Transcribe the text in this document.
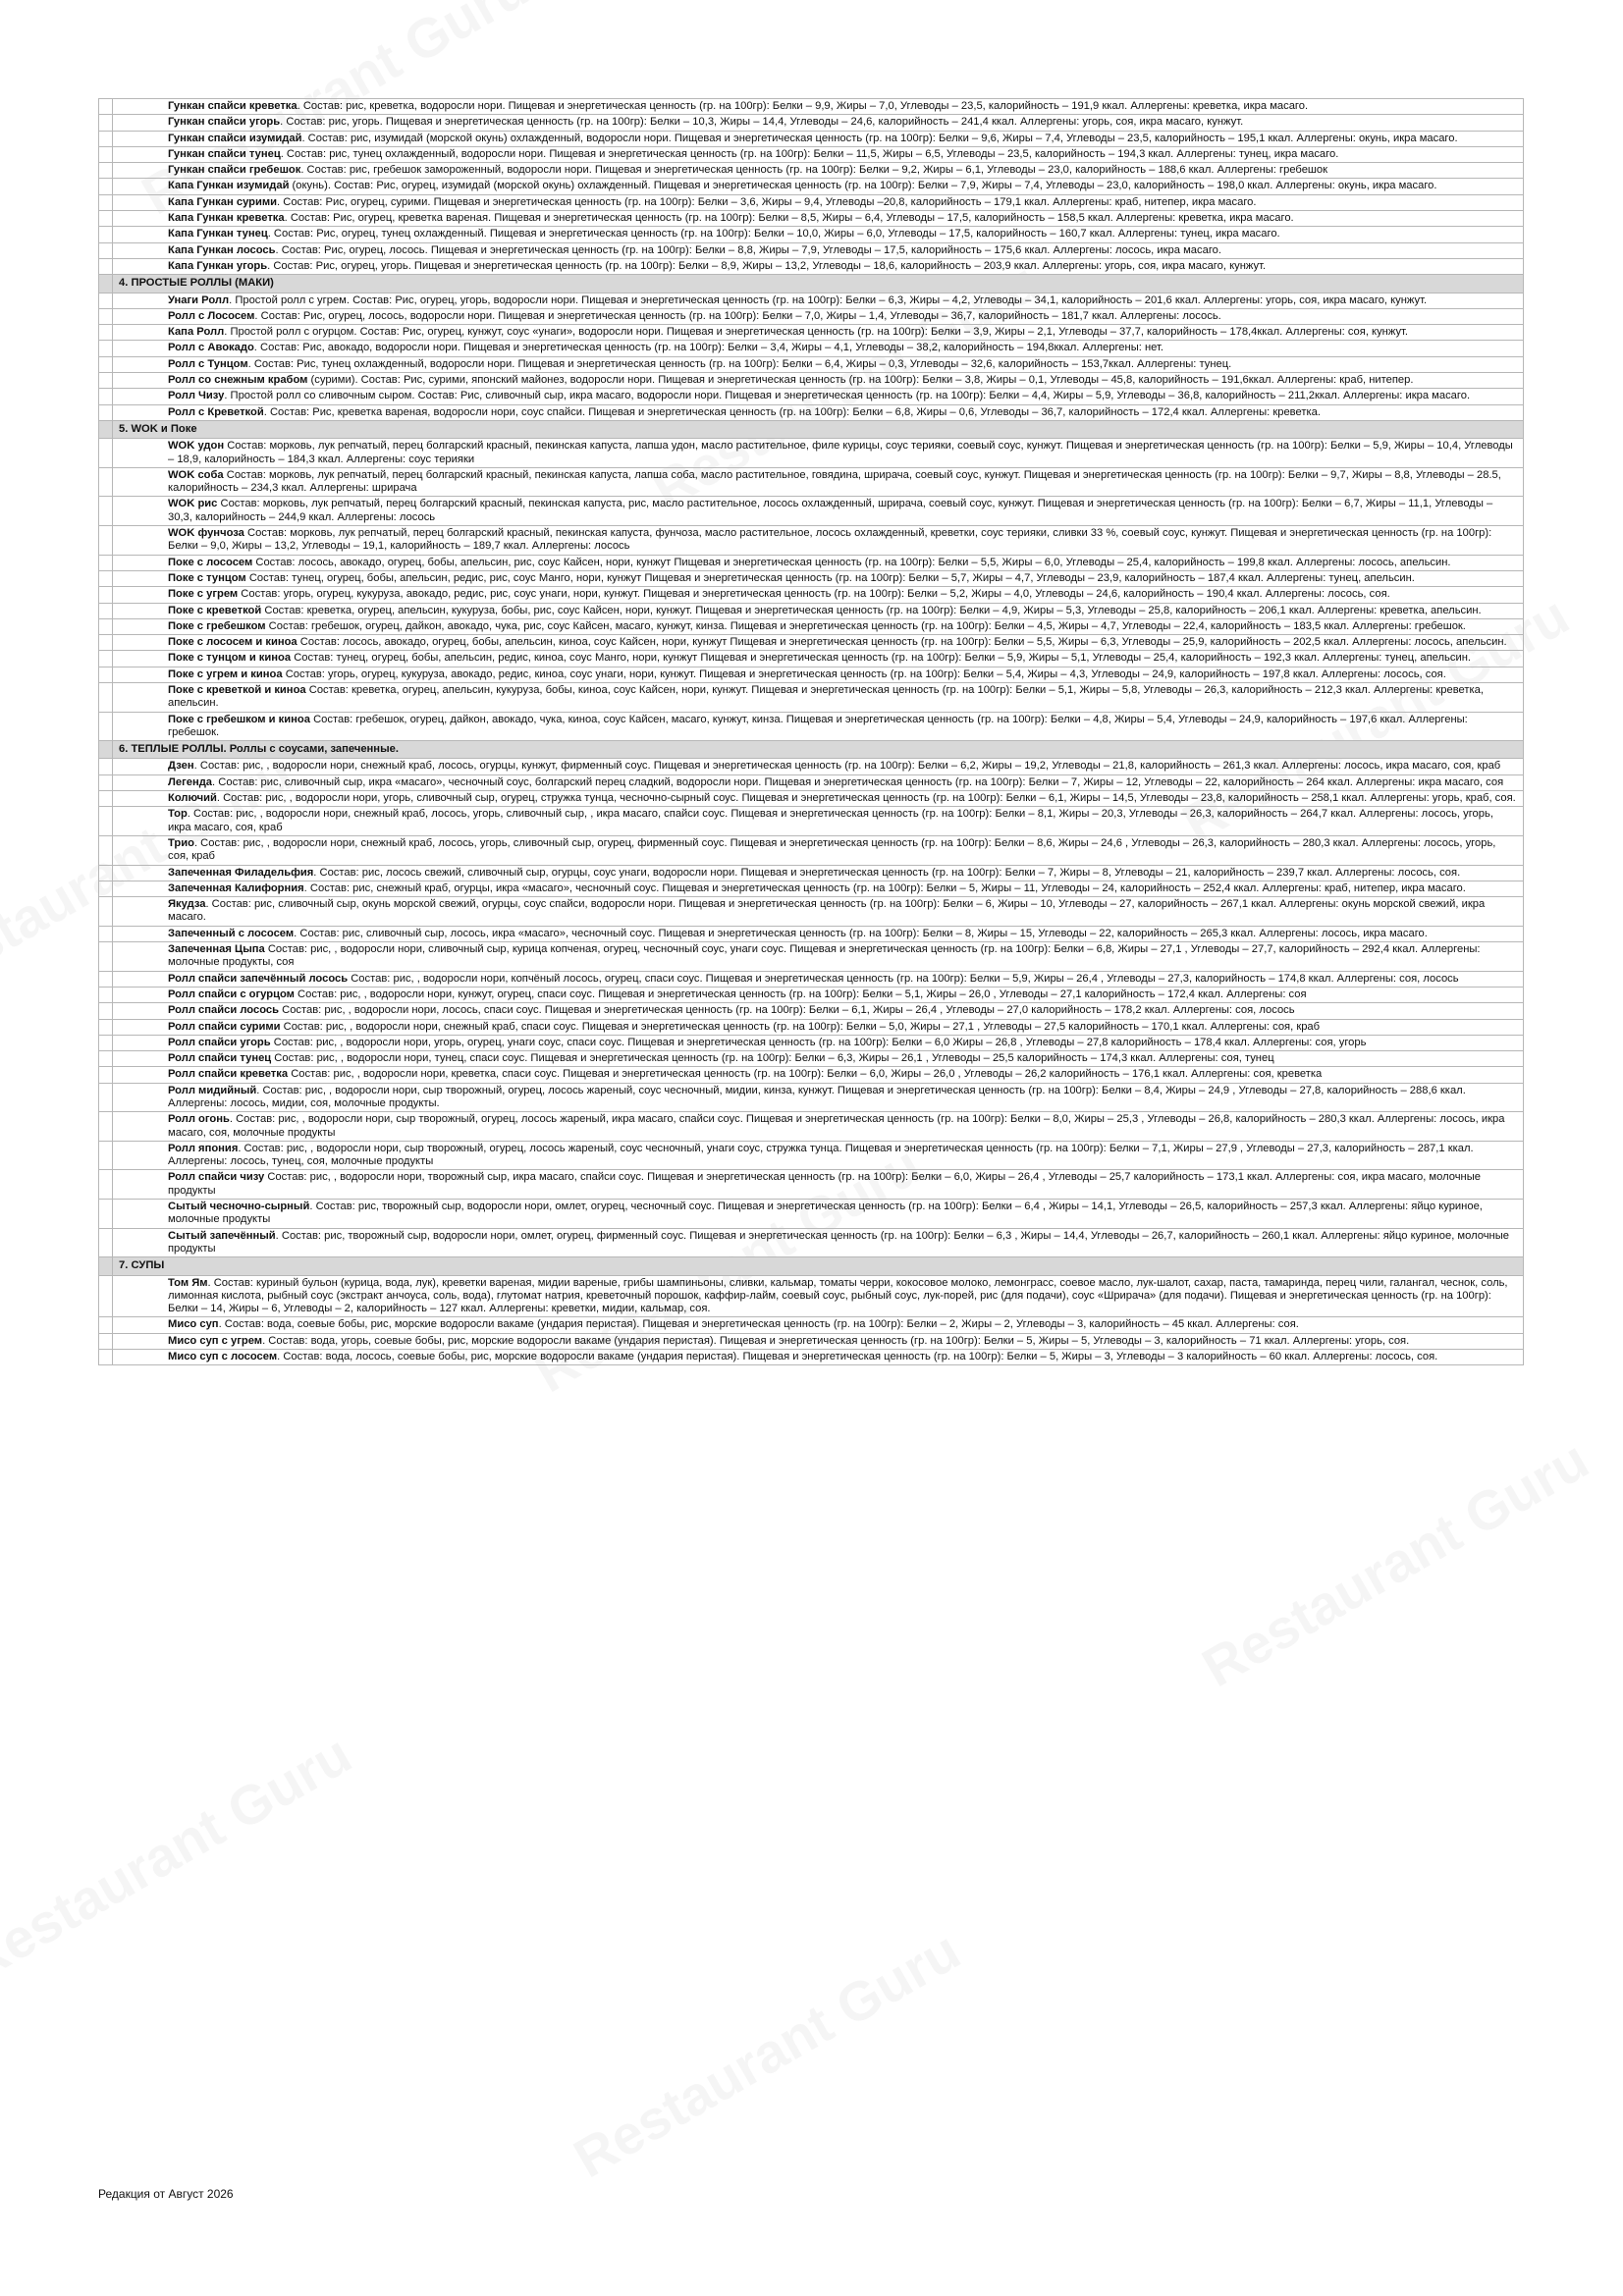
	Гункан спайси креветка. Состав: рис, креветка, водоросли нори. Пищевая и энергетическая ценность (гр. на 100гр): Белки – 9,9, Жиры – 7,0, Углеводы – 23,5, калорийность – 191,9 ккал. Аллергены: креветка, икра масаго.
	Гункан спайси угорь. Состав: рис, угорь. Пищевая и энергетическая ценность (гр. на 100гр): Белки – 10,3, Жиры – 14,4, Углеводы – 24,6, калорийность – 241,4 ккал. Аллергены: угорь, соя, икра масаго, кунжут.
	Гункан спайси изумидай. Состав: рис, изумидай (морской окунь) охлажденный, водоросли нори. Пищевая и энергетическая ценность (гр. на 100гр): Белки – 9,6, Жиры – 7,4, Углеводы – 23,5, калорийность – 195,1 ккал. Аллергены: окунь, икра масаго.
	Гункан спайси тунец. Состав: рис, тунец охлажденный, водоросли нори. Пищевая и энергетическая ценность (гр. на 100гр): Белки – 11,5, Жиры – 6,5, Углеводы – 23,5, калорийность – 194,3 ккал. Аллергены: тунец, икра масаго.
	Гункан спайси гребешок. Состав: рис, гребешок замороженный, водоросли нори. Пищевая и энергетическая ценность (гр. на 100гр): Белки – 9,2, Жиры – 6,1, Углеводы – 23,0, калорийность – 188,6 ккал. Аллергены: гребешок
	Капа Гункан изумидай (окунь). Состав: Рис, огурец, изумидай (морской окунь) охлажденный. Пищевая и энергетическая ценность (гр. на 100гр): Белки – 7,9, Жиры – 7,4, Углеводы – 23,0, калорийность – 198,0 ккал. Аллергены: окунь, икра масаго.
	Капа Гункан сурими. Состав: Рис, огурец, сурими. Пищевая и энергетическая ценность (гр. на 100гр): Белки – 3,6, Жиры – 9,4, Углеводы –20,8, калорийность – 179,1 ккал. Аллергены: краб, нитепер, икра масаго.
	Капа Гункан креветка. Состав: Рис, огурец, креветка вареная. Пищевая и энергетическая ценность (гр. на 100гр): Белки – 8,5, Жиры – 6,4, Углеводы – 17,5, калорийность – 158,5 ккал. Аллергены: креветка, икра масаго.
	Капа Гункан тунец. Состав: Рис, огурец, тунец охлажденный. Пищевая и энергетическая ценность (гр. на 100гр): Белки – 10,0, Жиры – 6,0, Углеводы – 17,5, калорийность – 160,7 ккал. Аллергены: тунец, икра масаго.
	Капа Гункан лосось. Состав: Рис, огурец, лосось. Пищевая и энергетическая ценность (гр. на 100гр): Белки – 8,8, Жиры – 7,9, Углеводы – 17,5, калорийность – 175,6 ккал. Аллергены: лосось, икра масаго.
	Капа Гункан угорь. Состав: Рис, огурец, угорь. Пищевая и энергетическая ценность (гр. на 100гр): Белки – 8,9, Жиры – 13,2, Углеводы – 18,6, калорийность – 203,9 ккал. Аллергены: угорь, соя, икра масаго, кунжут.
	4. ПРОСТЫЕ РОЛЛЫ (МАКИ)
	Унаги Ролл. Простой ролл с угрем. Состав: Рис, огурец, угорь, водоросли нори. Пищевая и энергетическая ценность (гр. на 100гр): Белки – 6,3, Жиры – 4,2, Углеводы – 34,1, калорийность – 201,6 ккал. Аллергены: угорь, соя, икра масаго, кунжут.
	Ролл с Лососем. Состав: Рис, огурец, лосось, водоросли нори. Пищевая и энергетическая ценность (гр. на 100гр): Белки – 7,0, Жиры – 1,4, Углеводы – 36,7, калорийность – 181,7 ккал. Аллергены: лосось.
	Капа Ролл. Простой ролл с огурцом. Состав: Рис, огурец, кунжут, соус «унаги», водоросли нори. Пищевая и энергетическая ценность (гр. на 100гр): Белки – 3,9, Жиры – 2,1, Углеводы – 37,7, калорийность – 178,4ккал. Аллергены: соя, кунжут.
	Ролл с Авокадо. Состав: Рис, авокадо, водоросли нори. Пищевая и энергетическая ценность (гр. на 100гр): Белки – 3,4, Жиры – 4,1, Углеводы – 38,2, калорийность – 194,8ккал. Аллергены: нет.
	Ролл с Тунцом. Состав: Рис, тунец охлажденный, водоросли нори. Пищевая и энергетическая ценность (гр. на 100гр): Белки – 6,4, Жиры – 0,3, Углеводы – 32,6, калорийность – 153,7ккал. Аллергены: тунец.
	Ролл со снежным крабом (сурими). Состав: Рис, сурими, японский майонез, водоросли нори. Пищевая и энергетическая ценность (гр. на 100гр): Белки – 3,8, Жиры – 0,1, Углеводы – 45,8, калорийность – 191,6ккал. Аллергены: краб, нитепер.
	Ролл Чизу. Простой ролл со сливочным сыром. Состав: Рис, сливочный сыр, икра масаго, водоросли нори. Пищевая и энергетическая ценность (гр. на 100гр): Белки – 4,4, Жиры – 5,9, Углеводы – 36,8, калорийность – 211,2ккал. Аллергены: икра масаго.
	Ролл с Креветкой. Состав: Рис, креветка вареная, водоросли нори, соус спайси. Пищевая и энергетическая ценность (гр. на 100гр): Белки – 6,8, Жиры – 0,6, Углеводы – 36,7, калорийность – 172,4 ккал. Аллергены: креветка.
	5. WOK и Поке
	WOK удон Состав: морковь, лук репчатый, перец болгарский красный, пекинская капуста, лапша удон, масло растительное, филе курицы, соус терияки, соевый соус, кунжут. Пищевая и энергетическая ценность (гр. на 100гр): Белки – 5,9, Жиры – 10,4, Углеводы – 18,9, калорийность – 184,3 ккал. Аллергены: соус терияки
	WOK соба Состав: морковь, лук репчатый, перец болгарский красный, пекинская капуста, лапша соба, масло растительное, говядина, шрирача, соевый соус, кунжут. Пищевая и энергетическая ценность (гр. на 100гр): Белки – 9,7, Жиры – 8,8, Углеводы – 28.5, калорийность – 234,3 ккал. Аллергены: шрирача
	WOK рис Состав: морковь, лук репчатый, перец болгарский красный, пекинская капуста, рис, масло растительное, лосось охлажденный, шрирача, соевый соус, кунжут. Пищевая и энергетическая ценность (гр. на 100гр): Белки – 6,7, Жиры – 11,1, Углеводы – 30,3, калорийность – 244,9 ккал. Аллергены: лосось
	WOK фунчоза Состав: морковь, лук репчатый, перец болгарский красный, пекинская капуста, фунчоза, масло растительное, лосось охлажденный, креветки, соус терияки, сливки 33 %, соевый соус, кунжут. Пищевая и энергетическая ценность (гр. на 100гр): Белки – 9,0, Жиры – 13,2, Углеводы – 19,1, калорийность – 189,7 ккал. Аллергены: лосось
	Поке с лососем Состав: лосось, авокадо, огурец, бобы, апельсин, рис, соус Кайсен, нори, кунжут Пищевая и энергетическая ценность (гр. на 100гр): Белки – 5,5, Жиры – 6,0, Углеводы – 25,4, калорийность – 199,8 ккал. Аллергены: лосось, апельсин.
	Поке с тунцом Состав: тунец, огурец, бобы, апельсин, редис, рис, соус Манго, нори, кунжут Пищевая и энергетическая ценность (гр. на 100гр): Белки – 5,7, Жиры – 4,7, Углеводы – 23,9, калорийность – 187,4 ккал. Аллергены: тунец, апельсин.
	Поке с угрем Состав: угорь, огурец, кукуруза, авокадо, редис, рис, соус унаги, нори, кунжут. Пищевая и энергетическая ценность (гр. на 100гр): Белки – 5,2, Жиры – 4,0, Углеводы – 24,6, калорийность – 190,4 ккал. Аллергены: лосось, соя.
	Поке с креветкой Состав: креветка, огурец, апельсин, кукуруза, бобы, рис, соус Кайсен, нори, кунжут. Пищевая и энергетическая ценность (гр. на 100гр): Белки – 4,9, Жиры – 5,3, Углеводы – 25,8, калорийность – 206,1 ккал. Аллергены: креветка, апельсин.
	Поке с гребешком Состав: гребешок, огурец, дайкон, авокадо, чука, рис, соус Кайсен, масаго, кунжут, кинза. Пищевая и энергетическая ценность (гр. на 100гр): Белки – 4,5, Жиры – 4,7, Углеводы – 22,4, калорийность – 183,5 ккал. Аллергены: гребешок.
	Поке с лососем и киноа Состав: лосось, авокадо, огурец, бобы, апельсин, киноа, соус Кайсен, нори, кунжут Пищевая и энергетическая ценность (гр. на 100гр): Белки – 5,5, Жиры – 6,3, Углеводы – 25,9, калорийность – 202,5 ккал. Аллергены: лосось, апельсин.
	Поке с тунцом и киноа Состав: тунец, огурец, бобы, апельсин, редис, киноа, соус Манго, нори, кунжут Пищевая и энергетическая ценность (гр. на 100гр): Белки – 5,9, Жиры – 5,1, Углеводы – 25,4, калорийность – 192,3 ккал. Аллергены: тунец, апельсин.
	Поке с угрем и киноа Состав: угорь, огурец, кукуруза, авокадо, редис, киноа, соус унаги, нори, кунжут. Пищевая и энергетическая ценность (гр. на 100гр): Белки – 5,4, Жиры – 4,3, Углеводы – 24,9, калорийность – 197,8 ккал. Аллергены: лосось, соя.
	Поке с креветкой и киноа Состав: креветка, огурец, апельсин, кукуруза, бобы, киноа, соус Кайсен, нори, кунжут. Пищевая и энергетическая ценность (гр. на 100гр): Белки – 5,1, Жиры – 5,8, Углеводы – 26,3, калорийность – 212,3 ккал. Аллергены: креветка, апельсин.
	Поке с гребешком и киноа Состав: гребешок, огурец, дайкон, авокадо, чука, киноа, соус Кайсен, масаго, кунжут, кинза. Пищевая и энергетическая ценность (гр. на 100гр): Белки – 4,8, Жиры – 5,4, Углеводы – 24,9, калорийность – 197,6 ккал. Аллергены: гребешок.
	6. ТЕПЛЫЕ РОЛЛЫ. Роллы с соусами, запеченные.
	Дзен. Состав: рис, , водоросли нори, снежный краб, лосось, огурцы, кунжут, фирменный соус. Пищевая и энергетическая ценность (гр. на 100гр): Белки – 6,2, Жиры – 19,2, Углеводы – 21,8, калорийность – 261,3 ккал. Аллергены: лосось, икра масаго, соя, краб
	Легенда. Состав: рис, сливочный сыр, икра «масаго», чесночный соус, болгарский перец сладкий, водоросли нори. Пищевая и энергетическая ценность (гр. на 100гр): Белки – 7, Жиры – 12, Углеводы – 22, калорийность – 264 ккал. Аллергены: икра масаго, соя
	Колючий. Состав: рис, , водоросли нори, угорь, сливочный сыр, огурец, стружка тунца, чесночно-сырный соус. Пищевая и энергетическая ценность (гр. на 100гр): Белки – 6,1, Жиры – 14,5, Углеводы – 23,8, калорийность – 258,1 ккал. Аллергены: угорь, краб, соя.
	Тор. Состав: рис, , водоросли нори, снежный краб, лосось, угорь, сливочный сыр, , икра масаго, спайси соус. Пищевая и энергетическая ценность (гр. на 100гр): Белки – 8,1, Жиры – 20,3, Углеводы – 26,3, калорийность – 264,7 ккал. Аллергены: лосось, угорь, икра масаго, соя, краб
	Трио. Состав: рис, , водоросли нори, снежный краб, лосось, угорь, сливочный сыр, огурец, фирменный соус. Пищевая и энергетическая ценность (гр. на 100гр): Белки – 8,6, Жиры – 24,6 , Углеводы – 26,3, калорийность – 280,3 ккал. Аллергены: лосось, угорь, соя, краб
	Запеченная Филадельфия. Состав: рис, лосось свежий, сливочный сыр, огурцы, соус унаги, водоросли нори. Пищевая и энергетическая ценность (гр. на 100гр): Белки – 7, Жиры – 8, Углеводы – 21, калорийность – 239,7 ккал. Аллергены: лосось, соя.
	Запеченная Калифорния. Состав: рис, снежный краб, огурцы, икра «масаго», чесночный соус. Пищевая и энергетическая ценность (гр. на 100гр): Белки – 5, Жиры – 11, Углеводы – 24, калорийность – 252,4 ккал. Аллергены: краб, нитепер, икра масаго.
	Якудза. Состав: рис, сливочный сыр, окунь морской свежий, огурцы, соус спайси, водоросли нори. Пищевая и энергетическая ценность (гр. на 100гр): Белки – 6, Жиры – 10, Углеводы – 27, калорийность – 267,1 ккал. Аллергены: окунь морской свежий, икра масаго.
	Запеченный с лососем. Состав: рис, сливочный сыр, лосось, икра «масаго», чесночный соус. Пищевая и энергетическая ценность (гр. на 100гр): Белки – 8, Жиры – 15, Углеводы – 22, калорийность – 265,3 ккал. Аллергены: лосось, икра масаго.
	Запеченная Цыпа Состав: рис, , водоросли нори, сливочный сыр, курица копченая, огурец, чесночный соус, унаги соус. Пищевая и энергетическая ценность (гр. на 100гр): Белки – 6,8, Жиры – 27,1 , Углеводы – 27,7, калорийность – 292,4 ккал. Аллергены: молочные продукты, соя
	Ролл спайси запечённый лосось Состав: рис, , водоросли нори, копчёный лосось, огурец, спаси соус. Пищевая и энергетическая ценность (гр. на 100гр): Белки – 5,9, Жиры – 26,4 , Углеводы – 27,3, калорийность – 174,8 ккал. Аллергены: соя, лосось
	Ролл спайси с огурцом Состав: рис, , водоросли нори, кунжут, огурец, спаси соус. Пищевая и энергетическая ценность (гр. на 100гр): Белки – 5,1, Жиры – 26,0 , Углеводы – 27,1 калорийность – 172,4 ккал. Аллергены: соя
	Ролл спайси лосось Состав: рис, , водоросли нори, лосось, спаси соус. Пищевая и энергетическая ценность (гр. на 100гр): Белки – 6,1, Жиры – 26,4 , Углеводы – 27,0 калорийность – 178,2 ккал. Аллергены: соя, лосось
	Ролл спайси сурими Состав: рис, , водоросли нори, снежный краб, спаси соус. Пищевая и энергетическая ценность (гр. на 100гр): Белки – 5,0, Жиры – 27,1 , Углеводы – 27,5 калорийность – 170,1 ккал. Аллергены: соя, краб
	Ролл спайси угорь Состав: рис, , водоросли нори, угорь, огурец, унаги соус, спаси соус. Пищевая и энергетическая ценность (гр. на 100гр): Белки – 6,0 Жиры – 26,8 , Углеводы – 27,8 калорийность – 178,4 ккал. Аллергены: соя, угорь
	Ролл спайси тунец Состав: рис, , водоросли нори, тунец, спаси соус. Пищевая и энергетическая ценность (гр. на 100гр): Белки – 6,3, Жиры – 26,1 , Углеводы – 25,5 калорийность – 174,3 ккал. Аллергены: соя, тунец
	Ролл спайси креветка Состав: рис, , водоросли нори, креветка, спаси соус. Пищевая и энергетическая ценность (гр. на 100гр): Белки – 6,0, Жиры – 26,0 , Углеводы – 26,2 калорийность – 176,1 ккал. Аллергены: соя, креветка
	Ролл мидийный. Состав: рис, , водоросли нори, сыр творожный, огурец, лосось жареный, соус чесночный, мидии, кинза, кунжут. Пищевая и энергетическая ценность (гр. на 100гр): Белки – 8,4, Жиры – 24,9 , Углеводы – 27,8, калорийность – 288,6 ккал. Аллергены: лосось, мидии, соя, молочные продукты.
	Ролл огонь. Состав: рис, , водоросли нори, сыр творожный, огурец, лосось жареный, икра масаго, спайси соус. Пищевая и энергетическая ценность (гр. на 100гр): Белки – 8,0, Жиры – 25,3 , Углеводы – 26,8, калорийность – 280,3 ккал. Аллергены: лосось, икра масаго, соя, молочные продукты
	Ролл япония. Состав: рис, , водоросли нори, сыр творожный, огурец, лосось жареный, соус чесночный, унаги соус, стружка тунца. Пищевая и энергетическая ценность (гр. на 100гр): Белки – 7,1, Жиры – 27,9 , Углеводы – 27,3, калорийность – 287,1 ккал. Аллергены: лосось, тунец, соя, молочные продукты
	Ролл спайси чизу Состав: рис, , водоросли нори, творожный сыр, икра масаго, спайси соус. Пищевая и энергетическая ценность (гр. на 100гр): Белки – 6,0, Жиры – 26,4 , Углеводы – 25,7 калорийность – 173,1 ккал. Аллергены: соя, икра масаго, молочные продукты
	Сытый чесночно-сырный. Состав: рис, творожный сыр, водоросли нори, омлет, огурец, чесночный соус. Пищевая и энергетическая ценность (гр. на 100гр): Белки – 6,4 , Жиры – 14,1, Углеводы – 26,5, калорийность – 257,3 ккал. Аллергены: яйцо куриное, молочные продукты
	Сытый запечённый. Состав: рис, творожный сыр, водоросли нори, омлет, огурец, фирменный соус. Пищевая и энергетическая ценность (гр. на 100гр): Белки – 6,3 , Жиры – 14,4, Углеводы – 26,7, калорийность – 260,1 ккал. Аллергены: яйцо куриное, молочные продукты
	7. СУПЫ
	Том Ям. Состав: куриный бульон (курица, вода, лук), креветки вареная, мидии вареные, грибы шампиньоны, сливки, кальмар, томаты черри, кокосовое молоко, лемонграсс, соевое масло, лук-шалот, сахар, паста, тамаринда, перец чили, галангал, чеснок, соль, лимонная кислота, рыбный соус (экстракт анчоуса, соль, вода), глутомат натрия, креветочный порошок, каффир-лайм, соевый соус, рыбный соус, лук-порей, рис (для подачи), соус «Шрирача» (для подачи). Пищевая и энергетическая ценность (гр. на 100гр): Белки – 14, Жиры – 6, Углеводы – 2, калорийность – 127 ккал. Аллергены: креветки, мидии, кальмар, соя.
	Мисо суп. Состав: вода, соевые бобы, рис, морские водоросли вакаме (ундария перистая). Пищевая и энергетическая ценность (гр. на 100гр): Белки – 2, Жиры – 2, Углеводы – 3, калорийность – 45 ккал. Аллергены: соя.
	Мисо суп с угрем. Состав: вода, угорь, соевые бобы, рис, морские водоросли вакаме (ундария перистая). Пищевая и энергетическая ценность (гр. на 100гр): Белки – 5, Жиры – 5, Углеводы – 3, калорийность – 71 ккал. Аллергены: угорь, соя.
	Мисо суп с лососем. Состав: вода, лосось, соевые бобы, рис, морские водоросли вакаме (ундария перистая). Пищевая и энергетическая ценность (гр. на 100гр): Белки – 5, Жиры – 3, Углеводы – 3 калорийность – 60 ккал. Аллергены: лосось, соя.
Редакция от Август 2026
